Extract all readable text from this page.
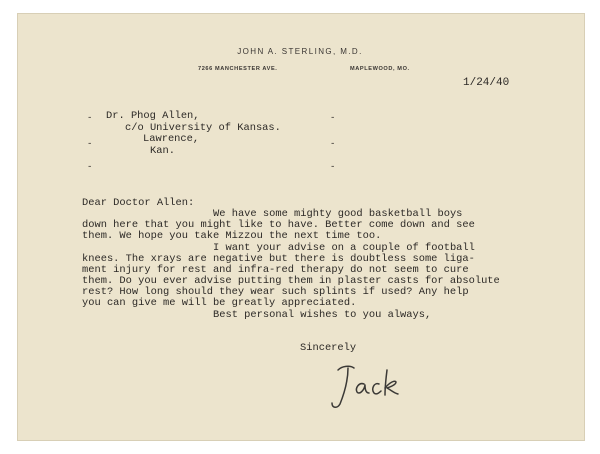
JOHN A. STERLING, M.D.
7266 MANCHESTER AVE.	MAPLEWOOD, MO.
1/24/40
-
-
-
-
-
-
Dr. Phog Allen,
c/o University of Kansas.
Lawrence,
Kan.
Dear Doctor Allen:
We have some mighty good basketball boys
down here that you might like to have. Better come down and see
them. We hope you take Mizzou the next time too.
I want your advise on a couple of football
knees. The xrays are negative but there is doubtless some liga-
ment injury for rest and infra-red therapy do not seem to cure
them. Do you ever advise putting them in plaster casts for absolute
rest? How long should they wear such splints if used? Any help
you can give me will be greatly appreciated.
Best personal wishes to you always,
Sincerely
